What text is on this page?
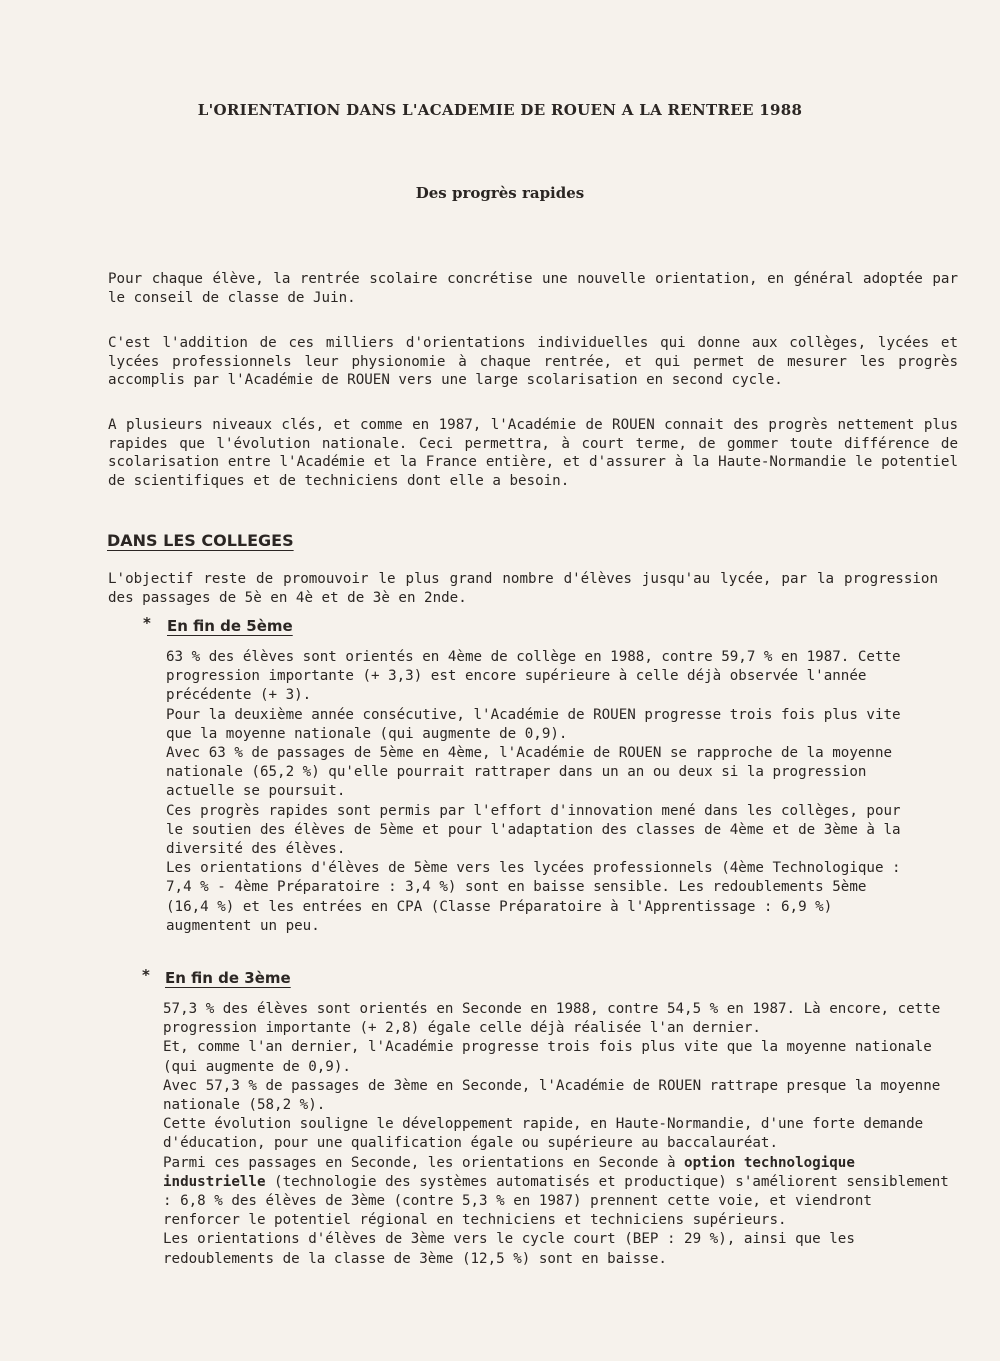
L'ORIENTATION DANS L'ACADEMIE DE ROUEN A LA RENTREE 1988
Des progrès rapides

Pour chaque élève, la rentrée scolaire concrétise une nouvelle orientation, en général adoptée par le conseil de classe de Juin.

C'est l'addition de ces milliers d'orientations individuelles qui donne aux collèges, lycées et lycées professionnels leur physionomie à chaque rentrée, et qui permet de mesurer les progrès accomplis par l'Académie de ROUEN vers une large scolarisation en second cycle.

A plusieurs niveaux clés, et comme en 1987, l'Académie de ROUEN connait des progrès nettement plus rapides que l'évolution nationale. Ceci permettra, à court terme, de gommer toute différence de scolarisation entre l'Académie et la France entière, et d'assurer à la Haute-Normandie le potentiel de scientifiques et de techniciens dont elle a besoin.

DANS LES COLLEGES

L'objectif reste de promouvoir le plus grand nombre d'élèves jusqu'au lycée, par la progression des passages de 5è en 4è et de 3è en 2nde.

* En fin de 5ème

63 % des élèves sont orientés en 4ème de collège en 1988, contre 59,7 % en 1987. Cette progression importante (+ 3,3) est encore supérieure à celle déjà observée l'année précédente (+ 3).

Pour la deuxième année consécutive, l'Académie de ROUEN progresse trois fois plus vite que la moyenne nationale (qui augmente de 0,9).

Avec 63 % de passages de 5ème en 4ème, l'Académie de ROUEN se rapproche de la moyenne nationale (65,2 %) qu'elle pourrait rattraper dans un an ou deux si la progression actuelle se poursuit.

Ces progrès rapides sont permis par l'effort d'innovation mené dans les collèges, pour le soutien des élèves de 5ème et pour l'adaptation des classes de 4ème et de 3ème à la diversité des élèves.

Les orientations d'élèves de 5ème vers les lycées professionnels (4ème Technologique : 7,4 % - 4ème Préparatoire : 3,4 %) sont en baisse sensible. Les redoublements 5ème (16,4 %) et les entrées en CPA (Classe Préparatoire à l'Apprentissage : 6,9 %) augmentent un peu.

* En fin de 3ème

57,3 % des élèves sont orientés en Seconde en 1988, contre 54,5 % en 1987. Là encore, cette progression importante (+ 2,8) égale celle déjà réalisée l'an dernier.

Et, comme l'an dernier, l'Académie progresse trois fois plus vite que la moyenne nationale (qui augmente de 0,9).

Avec 57,3 % de passages de 3ème en Seconde, l'Académie de ROUEN rattrape presque la moyenne nationale (58,2 %).

Cette évolution souligne le développement rapide, en Haute-Normandie, d'une forte demande d'éducation, pour une qualification égale ou supérieure au baccalauréat.

Parmi ces passages en Seconde, les orientations en Seconde à option technologique industrielle (technologie des systèmes automatisés et productique) s'améliorent sensiblement : 6,8 % des élèves de 3ème (contre 5,3 % en 1987) prennent cette voie, et viendront renforcer le potentiel régional en techniciens et techniciens supérieurs.

Les orientations d'élèves de 3ème vers le cycle court (BEP : 29 %), ainsi que les redoublements de la classe de 3ème (12,5 %) sont en baisse.
